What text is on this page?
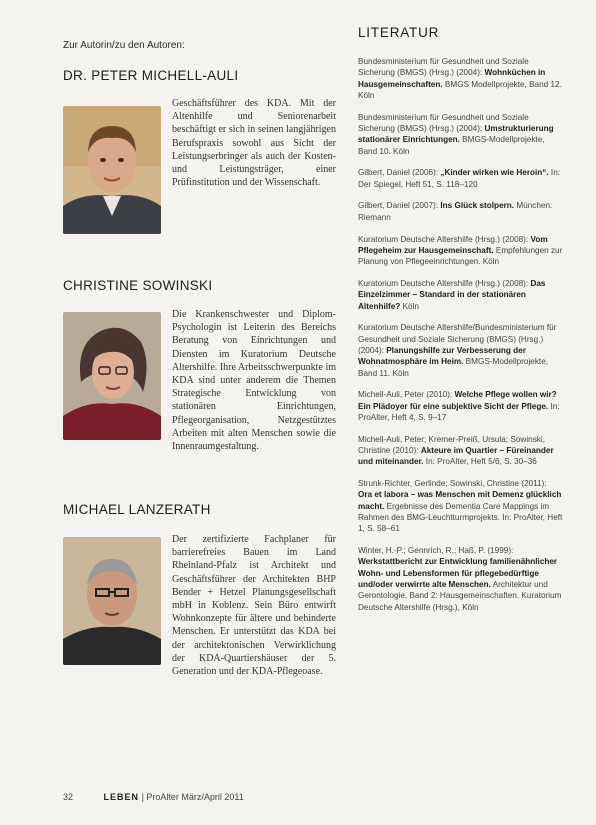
Zur Autorin/zu den Autoren:
DR. PETER MICHELL-AULI
Geschäftsführer des KDA. Mit der Altenhilfe und Seniorenarbeit beschäftigt er sich in seinen langjährigen Berufspraxis sowohl aus Sicht der Leistungserbringer als auch der Kosten- und Leistungsträger, einer Prüfinstitution und der Wissenschaft.
CHRISTINE SOWINSKI
Die Krankenschwester und Diplom-Psychologin ist Leiterin des Bereichs Beratung von Einrichtungen und Diensten im Kuratorium Deutsche Altershilfe. Ihre Arbeitsschwerpunkte im KDA sind unter anderem die Themen Strategische Entwicklung von stationären Einrichtungen, Pflegeorganisation, Netzgestütztes Arbeiten mit alten Menschen sowie die Innenraumgestaltung.
MICHAEL LANZERATH
Der zertifizierte Fachplaner für barrierefreies Bauen im Land Rheinland-Pfalz ist Architekt und Geschäftsführer der Architekten BHP Bender + Hetzel Planungsgesellschaft mbH in Koblenz. Sein Büro entwirft Wohnkonzepte für ältere und behinderte Menschen. Er unterstützt das KDA bei der architektonischen Verwirklichung der KDA-Quartiershäuser der 5. Generation und der KDA-Pflegeoase.
LITERATUR
Bundesministerium für Gesundheit und Soziale Sicherung (BMGS) (Hrsg.) (2004): Wohnküchen in Hausgemeinschaften. BMGS Modellprojekte, Band 12. Köln
Bundesministerium für Gesundheit und Soziale Sicherung (BMGS) (Hrsg.) (2004): Umstrukturierung stationärer Einrichtungen. BMGS-Modellprojekte, Band 10. Köln
Gilbert, Daniel (2006): „Kinder wirken wie Heroin“. In: Der Spiegel, Heft 51, S. 118–120
Gilbert, Daniel (2007): Ins Glück stolpern. München: Riemann
Kuratorium Deutsche Altershilfe (Hrsg.) (2008): Vom Pflegeheim zur Hausgemeinschaft. Empfehlungen zur Planung von Pflegeeinrichtungen. Köln
Kuratorium Deutsche Altershilfe (Hrsg.) (2008): Das Einzelzimmer – Standard in der stationären Altenhilfe? Köln
Kuratorium Deutsche Altershilfe/Bundesministerium für Gesundheit und Soziale Sicherung (BMGS) (Hrsg.) (2004): Planungshilfe zur Verbesserung der Wohnatmosphäre im Heim. BMGS-Modellprojekte, Band 11. Köln
Michell-Auli, Peter (2010): Welche Pflege wollen wir? Ein Plädoyer für eine subjektive Sicht der Pflege. In: ProAlter, Heft 4, S. 9–17
Michell-Auli, Peter; Kremer-Preiß, Ursula; Sowinski, Christine (2010): Akteure im Quartier – Füreinander und miteinander. In: ProAlter, Heft 5/6, S. 30–36
Strunk-Richter, Gerlinde; Sowinski, Christine (2011): Ora et labora – was Menschen mit Demenz glücklich macht. Ergebnisse des Dementia Care Mappings im Rahmen des BMG-Leuchtturmprojekts. In: ProAlter, Heft 1, S. 58–61
Winter, H.-P.; Gennrich, R.; Haß, P. (1999): Werkstattbericht zur Entwicklung familienähnlicher Wohn- und Lebensformen für pflegebedürftige und/oder verwirrte alte Menschen. Architektur und Gerontologie, Band 2: Hausgemeinschaften. Kuratorium Deutsche Altershilfe (Hrsg.), Köln
32	LEBEN | ProAlter März/April 2011
